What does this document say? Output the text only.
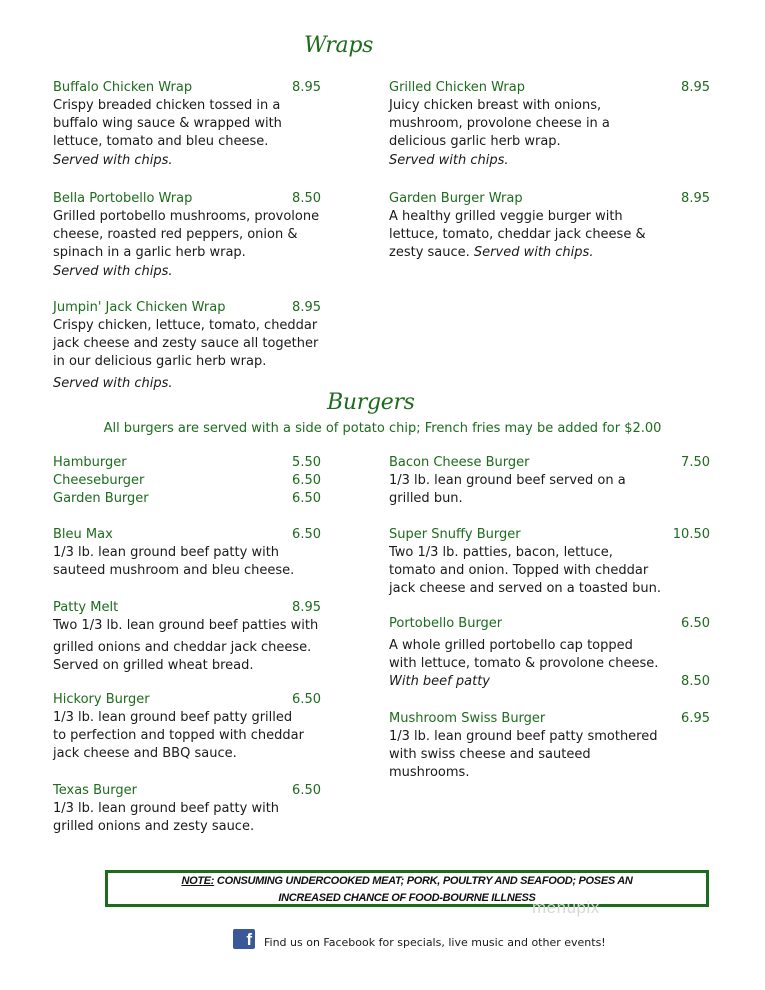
Wraps
Buffalo Chicken Wrap	8.95
Crispy breaded chicken tossed in a
buffalo wing sauce & wrapped with
lettuce, tomato and bleu cheese.
Served with chips.
Grilled Chicken Wrap	8.95
Juicy chicken breast with onions,
mushroom, provolone cheese in a
delicious garlic herb wrap.
Served with chips.
Bella Portobello Wrap	8.50
Grilled portobello mushrooms, provolone
cheese, roasted red peppers, onion &
spinach in a garlic herb wrap.
Served with chips.
Garden Burger Wrap	8.95
A healthy grilled veggie burger with
lettuce, tomato, cheddar jack cheese &
zesty sauce. Served with chips.
Jumpin' Jack Chicken Wrap	8.95
Crispy chicken, lettuce, tomato, cheddar
jack cheese and zesty sauce all together
in our delicious garlic herb wrap.
Served with chips.
Burgers
All burgers are served with a side of potato chip; French fries may be added for $2.00
Hamburger	5.50
Cheeseburger	6.50
Garden Burger	6.50
Bacon Cheese Burger	7.50
1/3 lb. lean ground beef served on a
grilled bun.
Bleu Max	6.50
1/3 lb. lean ground beef patty with
sauteed mushroom and bleu cheese.
Super Snuffy Burger	10.50
Two 1/3 lb. patties, bacon, lettuce,
tomato and onion. Topped with cheddar
jack cheese and served on a toasted bun.
Patty Melt	8.95
Two 1/3 lb. lean ground beef patties with
grilled onions and cheddar jack cheese.
Served on grilled wheat bread.
Portobello Burger	6.50
A whole grilled portobello cap topped
with lettuce, tomato & provolone cheese.
With beef patty	8.50
Hickory Burger	6.50
1/3 lb. lean ground beef patty grilled
to perfection and topped with cheddar
jack cheese and BBQ sauce.
Mushroom Swiss Burger	6.95
1/3 lb. lean ground beef patty smothered
with swiss cheese and sauteed
mushrooms.
Texas Burger	6.50
1/3 lb. lean ground beef patty with
grilled onions and zesty sauce.
NOTE: CONSUMING UNDERCOOKED MEAT; PORK, POULTRY AND SEAFOOD; POSES AN
INCREASED CHANCE OF FOOD-BOURNE ILLNESS
menupix
f Find us on Facebook for specials, live music and other events!
